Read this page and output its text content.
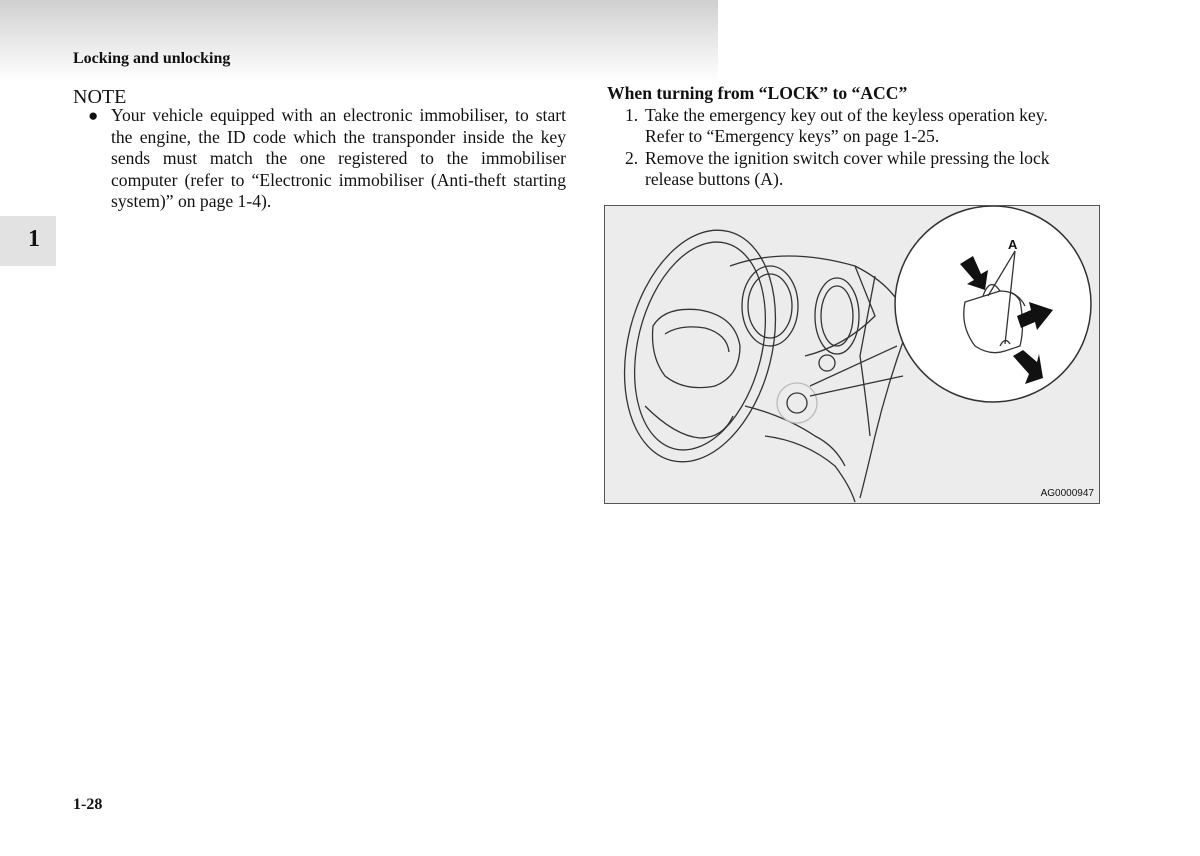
Locking and unlocking
1
NOTE
● Your vehicle equipped with an electronic immobiliser, to start the engine, the ID code which the transponder inside the key sends must match the one registered to the immobiliser computer (refer to “Electronic immobiliser (Anti-theft starting system)” on page 1-4).
When turning from “LOCK” to “ACC”
1. Take the emergency key out of the keyless operation key.
Refer to “Emergency keys” on page 1-25.
2. Remove the ignition switch cover while pressing the lock
release buttons (A).
A
AG0000947
1-28
